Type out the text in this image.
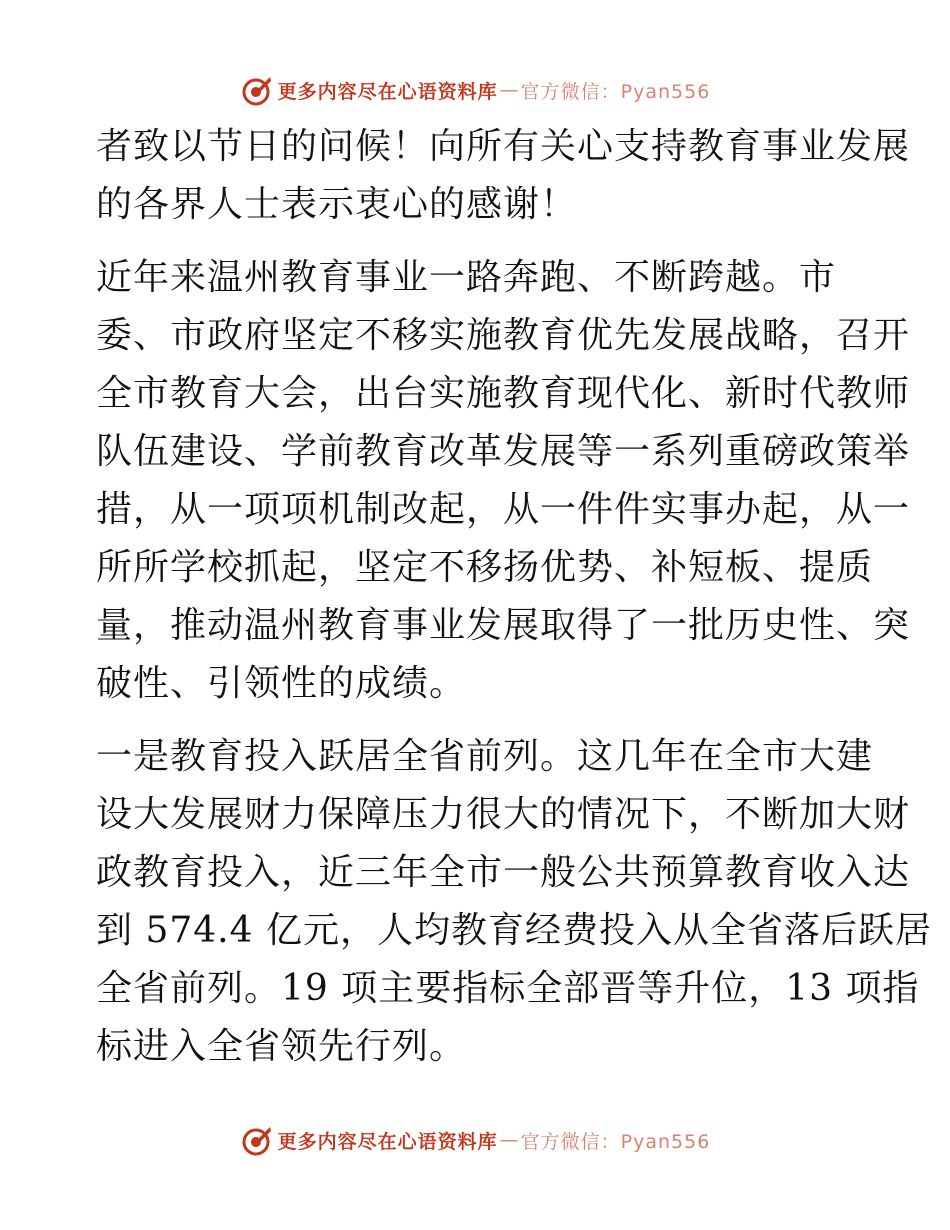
更多内容尽在心语资料库 — 官方微信：Pyan556

者致以节日的问候！向所有关心支持教育事业发展
的各界人士表示衷心的感谢！

近年来温州教育事业一路奔跑、不断跨越。市
委、市政府坚定不移实施教育优先发展战略，召开
全市教育大会，出台实施教育现代化、新时代教师
队伍建设、学前教育改革发展等一系列重磅政策举
措，从一项项机制改起，从一件件实事办起，从一
所所学校抓起，坚定不移扬优势、补短板、提质
量，推动温州教育事业发展取得了一批历史性、突
破性、引领性的成绩。

一是教育投入跃居全省前列。这几年在全市大建
设大发展财力保障压力很大的情况下，不断加大财
政教育投入，近三年全市一般公共预算教育收入达
到 574.4 亿元，人均教育经费投入从全省落后跃居
全省前列。19 项主要指标全部晋等升位，13 项指
标进入全省领先行列。

更多内容尽在心语资料库 — 官方微信：Pyan556
